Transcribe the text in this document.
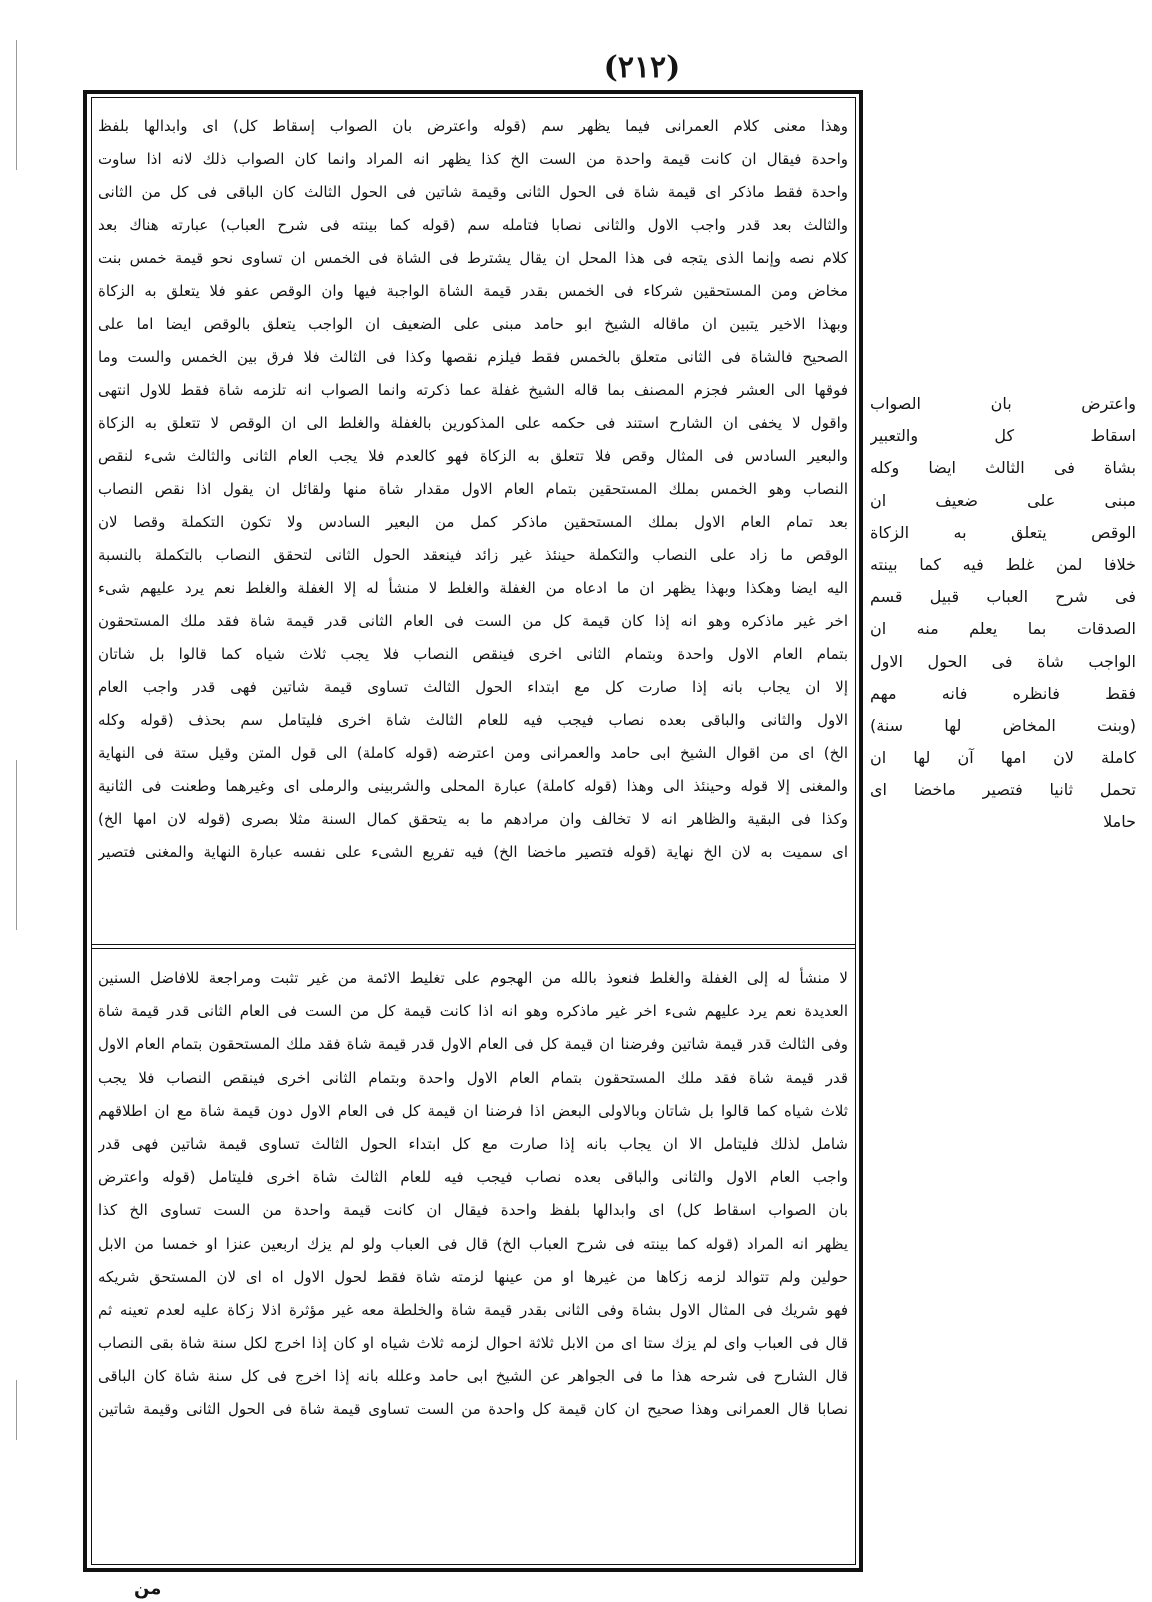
(٢١٢)
وهذا معنى كلام العمرانى فيما يظهر سم (قوله واعترض بان الصواب إسقاط كل) اى وابدالها بلفظ
واحدة فيقال ان كانت قيمة واحدة من الست الخ كذا يظهر انه المراد وانما كان الصواب ذلك لانه اذا ساوت
واحدة فقط ماذكر اى قيمة شاة فى الحول الثانى وقيمة شاتين فى الحول الثالث كان الباقى فى كل من الثانى
والثالث بعد قدر واجب الاول والثانى نصابا فتامله سم (قوله كما بينته فى شرح العباب) عبارته هناك بعد
كلام نصه وإنما الذى يتجه فى هذا المحل ان يقال يشترط فى الشاة فى الخمس ان تساوى نحو قيمة خمس بنت
مخاض ومن المستحقين شركاء فى الخمس بقدر قيمة الشاة الواجبة فيها وان الوقص عفو فلا يتعلق به الزكاة
وبهذا الاخير يتبين ان ماقاله الشيخ ابو حامد مبنى على الضعيف ان الواجب يتعلق بالوقص ايضا اما على
الصحيح فالشاة فى الثانى متعلق بالخمس فقط فيلزم نقصها وكذا فى الثالث فلا فرق بين الخمس والست وما
فوقها الى العشر فجزم المصنف بما قاله الشيخ غفلة عما ذكرته وانما الصواب انه تلزمه شاة فقط للاول انتهى
واقول لا يخفى ان الشارح استند فى حكمه على المذكورين بالغفلة والغلط الى ان الوقص لا تتعلق به الزكاة
والبعير السادس فى المثال وقص فلا تتعلق به الزكاة فهو كالعدم فلا يجب العام الثانى والثالث شىء لنقص
النصاب وهو الخمس بملك المستحقين بتمام العام الاول مقدار شاة منها ولقائل ان يقول اذا نقص النصاب
بعد تمام العام الاول بملك المستحقين ماذكر كمل من البعير السادس ولا تكون التكملة وقصا لان
الوقص ما زاد على النصاب والتكملة حينئذ غير زائد فينعقد الحول الثانى لتحقق النصاب بالتكملة بالنسبة
اليه ايضا وهكذا وبهذا يظهر ان ما ادعاه من الغفلة والغلط لا منشأ له إلا الغفلة والغلط نعم يرد عليهم شىء
اخر غير ماذكره وهو انه إذا كان قيمة كل من الست فى العام الثانى قدر قيمة شاة فقد ملك المستحقون
بتمام العام الاول واحدة وبتمام الثانى اخرى فينقص النصاب فلا يجب ثلاث شياه كما قالوا بل شاتان
إلا ان يجاب بانه إذا صارت كل مع ابتداء الحول الثالث تساوى قيمة شاتين فهى قدر واجب العام
الاول والثانى والباقى بعده نصاب فيجب فيه للعام الثالث شاة اخرى فليتامل سم بحذف (قوله وكله
الخ) اى من اقوال الشيخ ابى حامد والعمرانى ومن اعترضه (قوله كاملة) الى قول المتن وقيل ستة فى النهاية
والمغنى إلا قوله وحينئذ الى وهذا (قوله كاملة) عبارة المحلى والشربينى والرملى اى وغيرهما وطعنت فى الثانية
وكذا فى البقية والظاهر انه لا تخالف وان مرادهم ما به يتحقق كمال السنة مثلا بصرى (قوله لان امها الخ)
اى سميت به لان الخ نهاية (قوله فتصير ماخضا الخ) فيه تفريع الشىء على نفسه عبارة النهاية والمغنى فتصير
لا منشأ له إلى الغفلة والغلط فنعوذ بالله من الهجوم على تغليط الائمة من غير تثبت ومراجعة للافاضل السنين
العديدة نعم يرد عليهم شىء اخر غير ماذكره وهو انه اذا كانت قيمة كل من الست فى العام الثانى قدر قيمة شاة
وفى الثالث قدر قيمة شاتين وفرضنا ان قيمة كل فى العام الاول قدر قيمة شاة فقد ملك المستحقون بتمام العام الاول
قدر قيمة شاة فقد ملك المستحقون بتمام العام الاول واحدة وبتمام الثانى اخرى فينقص النصاب فلا يجب
ثلاث شياه كما قالوا بل شاتان وبالاولى البعض اذا فرضنا ان قيمة كل فى العام الاول دون قيمة شاة مع ان اطلاقهم
شامل لذلك فليتامل الا ان يجاب بانه إذا صارت مع كل ابتداء الحول الثالث تساوى قيمة شاتين فهى قدر
واجب العام الاول والثانى والباقى بعده نصاب فيجب فيه للعام الثالث شاة اخرى فليتامل (قوله واعترض
بان الصواب اسقاط كل) اى وابدالها بلفظ واحدة فيقال ان كانت قيمة واحدة من الست تساوى الخ كذا
يظهر انه المراد (قوله كما بينته فى شرح العباب الخ) قال فى العباب ولو لم يزك اربعين عنزا او خمسا من الابل
حولين ولم تتوالد لزمه زكاها من غيرها او من عينها لزمته شاة فقط لحول الاول اه اى لان المستحق شريكه
فهو شريك فى المثال الاول بشاة وفى الثانى بقدر قيمة شاة والخلطة معه غير مؤثرة اذلا زكاة عليه لعدم تعينه ثم
قال فى العباب واى لم يزك ستا اى من الابل ثلاثة احوال لزمه ثلاث شياه او كان إذا اخرج لكل سنة شاة بقى النصاب
قال الشارح فى شرحه هذا ما فى الجواهر عن الشيخ ابى حامد وعلله بانه إذا اخرج فى كل سنة شاة كان الباقى
نصابا قال العمرانى وهذا صحيح ان كان قيمة كل واحدة من الست تساوى قيمة شاة فى الحول الثانى وقيمة شاتين
واعترض بان الصواب
اسقاط كل والتعبير
بشاة فى الثالث ايضا وكله
مبنى على ضعيف ان
الوقص يتعلق به الزكاة
خلافا لمن غلط فيه كما بينته
فى شرح العباب قبيل قسم
الصدقات بما يعلم منه ان
الواجب شاة فى الحول الاول
فقط فانظره فانه مهم
(وبنت المخاض لها سنة)
كاملة لان امها آن لها ان
تحمل ثانيا فتصير ماخضا اى
حاملا
من
